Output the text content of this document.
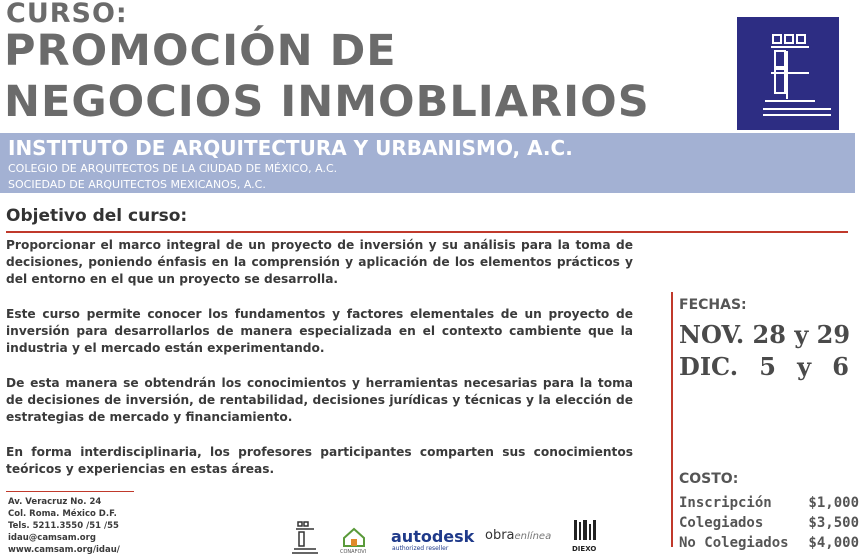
CURSO:
PROMOCIÓN DE
NEGOCIOS INMOBLIARIOS
INSTITUTO DE ARQUITECTURA Y URBANISMO, A.C.
COLEGIO DE ARQUITECTOS DE LA CIUDAD DE MÉXICO, A.C.
SOCIEDAD DE ARQUITECTOS MEXICANOS, A.C.
Objetivo del curso:

Proporcionar el marco integral de un proyecto de inversión y su análisis para la toma de decisiones, poniendo énfasis en la comprensión y aplicación de los elementos prácticos y del entorno en el que un proyecto se desarrolla.

Este curso permite conocer los fundamentos y factores elementales de un proyecto de inversión para desarrollarlos de manera especializada en el contexto cambiente que la industria y el mercado están experimentando.

De esta manera se obtendrán los conocimientos y herramientas necesarias para la toma de decisiones de inversión, de rentabilidad, decisiones jurídicas y técnicas y la elección de estrategias de mercado y financiamiento.

En forma interdisciplinaria, los profesores participantes comparten sus conocimientos teóricos y experiencias en estas áreas.

FECHAS:
NOV. 28 y 29
DIC. 5 y 6
COSTO:
Inscripción	$1,000
Colegiados	$3,500
No Colegiados $4,000
Av. Veracruz No. 24
Col. Roma. México D.F.
Tels. 5211.3550 /51 /55
idau@camsam.org
www.camsam.org/idau/	CONAFOVI
autodesk
authorized reseller
obraenlínea
DIEXO
